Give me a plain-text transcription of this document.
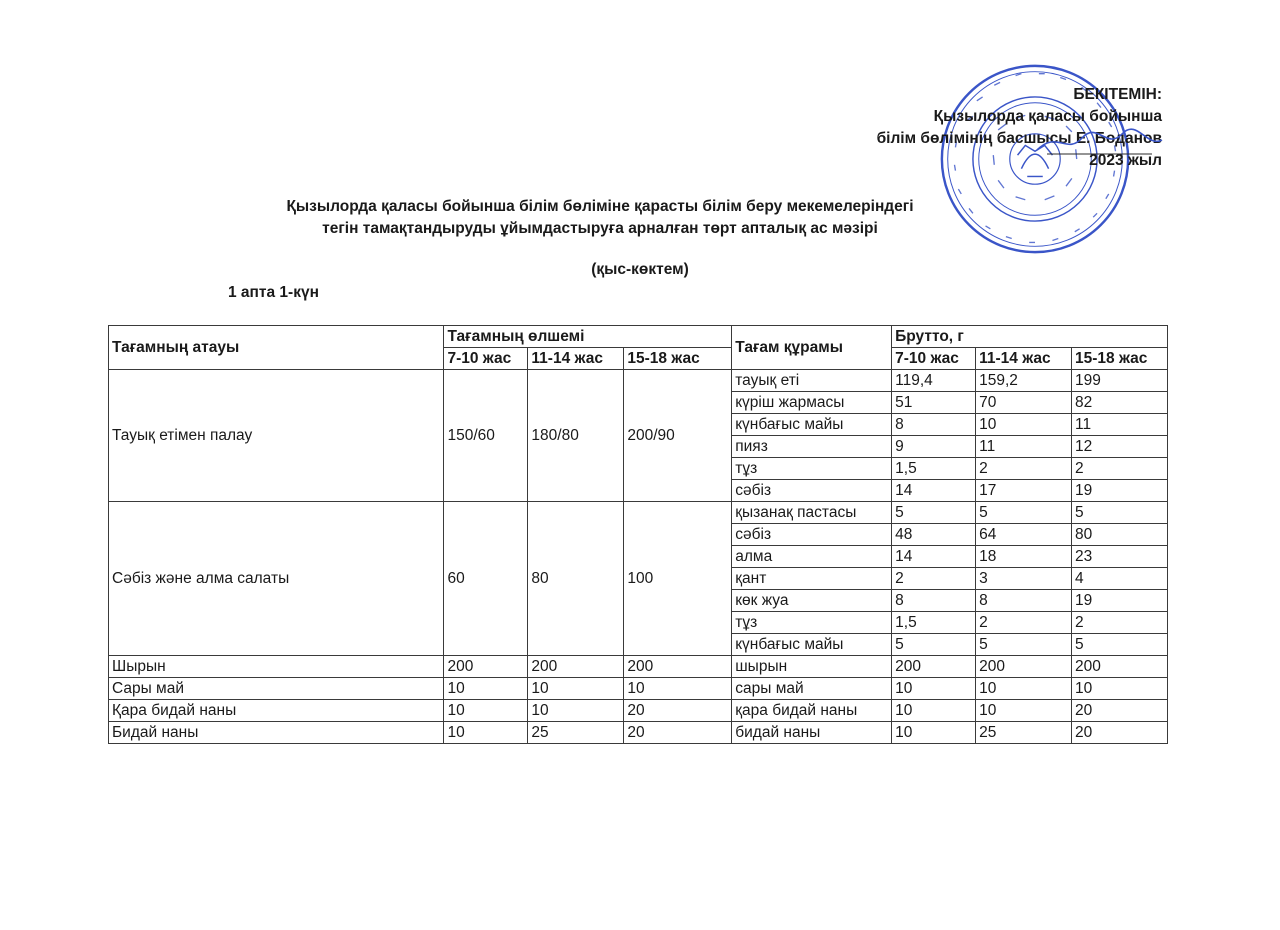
БЕКІТЕМІН:
Қызылорда қаласы бойынша
білім бөлімінің басшысы Е. Боданов
2023 жыл
Қызылорда қаласы бойынша білім бөліміне қарасты білім беру мекемелеріндегі
тегін тамақтандыруды ұйымдастыруға арналған төрт апталық ас мәзірі
(қыс-көктем)
1 апта 1-күн
Тағамның атауы	Тағамның өлшемі			Тағам құрамы	Брутто, г		
	7-10 жас	11-14 жас	15-18 жас		7-10 жас	11-14 жас	15-18 жас
Тауық етімен палау	150/60	180/80	200/90	тауық еті	119,4	159,2	199
				күріш жармасы	51	70	82
				күнбағыс майы	8	10	11
				пияз	9	11	12
				тұз	1,5	2	2
				сәбіз	14	17	19
Сәбіз және алма салаты	60	80	100	қызанақ пастасы	5	5	5
				сәбіз	48	64	80
				алма	14	18	23
				қант	2	3	4
				көк жуа	8	8	19
				тұз	1,5	2	2
				күнбағыс майы	5	5	5
Шырын	200	200	200	шырын	200	200	200
Сары май	10	10	10	сары май	10	10	10
Қара бидай наны	10	10	20	қара бидай наны	10	10	20
Бидай наны	10	25	20	бидай наны	10	25	20
